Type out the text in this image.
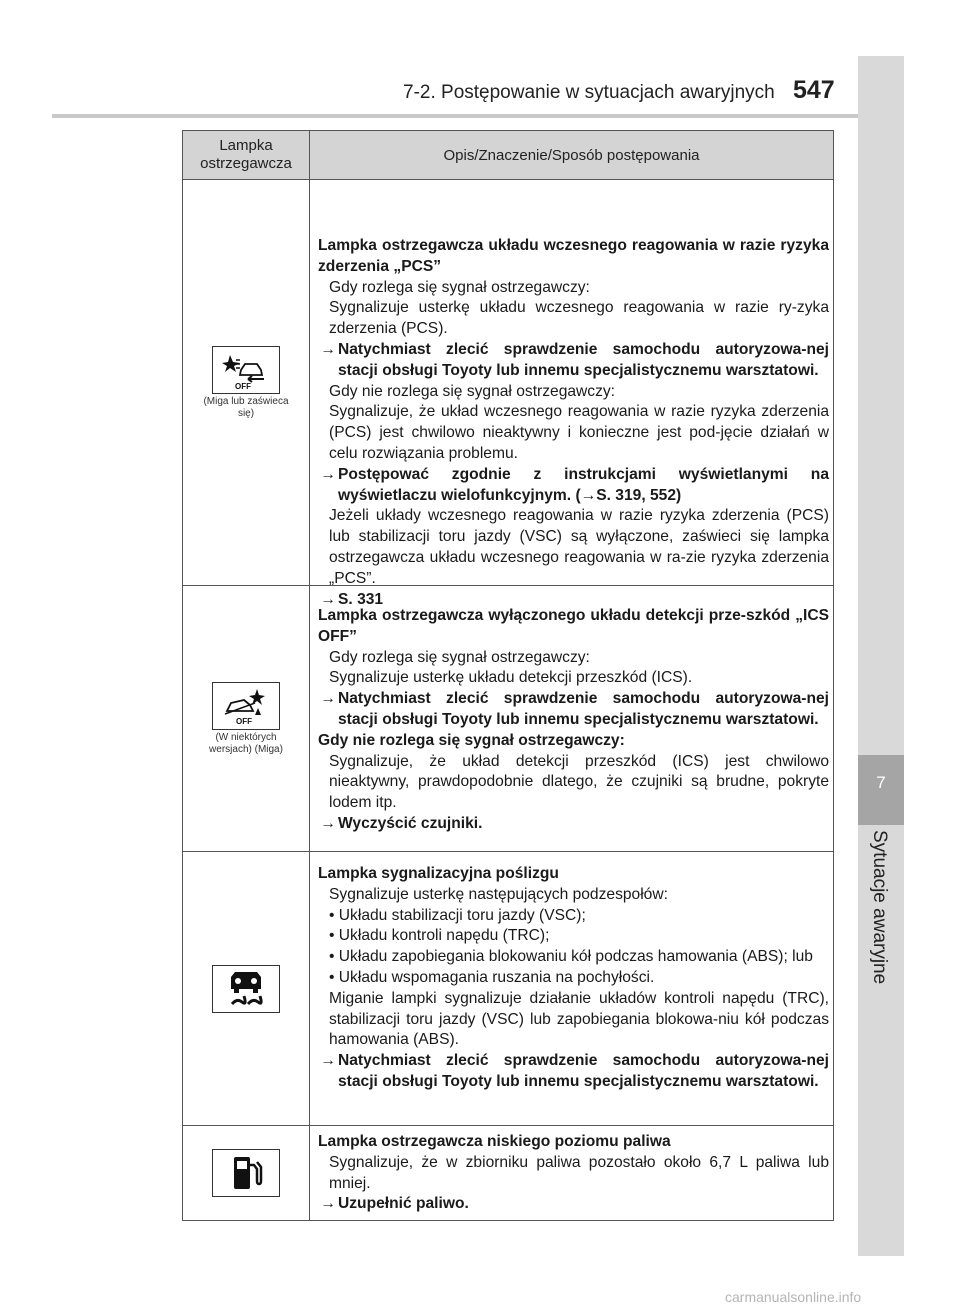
7-2. Postępowanie w sytuacjach awaryjnych 547
7
Sytuacje awaryjne
Lampka ostrzegawcza	Opis/Znaczenie/Sposób postępowania
OFF
(Miga lub zaświeca się)
Lampka ostrzegawcza układu wczesnego reagowania w razie ryzyka zderzenia „PCS”
Gdy rozlega się sygnał ostrzegawczy:
Sygnalizuje usterkę układu wczesnego reagowania w razie ry-zyka zderzenia (PCS).
→ Natychmiast zlecić sprawdzenie samochodu autoryzowa-nej stacji obsługi Toyoty lub innemu specjalistycznemu warsztatowi.
Gdy nie rozlega się sygnał ostrzegawczy:
Sygnalizuje, że układ wczesnego reagowania w razie ryzyka zderzenia (PCS) jest chwilowo nieaktywny i konieczne jest pod-jęcie działań w celu rozwiązania problemu.
→ Postępować zgodnie z instrukcjami wyświetlanymi na wyświetlaczu wielofunkcyjnym. (→S. 319, 552)
Jeżeli układy wczesnego reagowania w razie ryzyka zderzenia (PCS) lub stabilizacji toru jazdy (VSC) są wyłączone, zaświeci się lampka ostrzegawcza układu wczesnego reagowania w ra-zie ryzyka zderzenia „PCS”.
→ S. 331
OFF
(W niektórych wersjach) (Miga)
Lampka ostrzegawcza wyłączonego układu detekcji prze-szkód „ICS OFF”
Gdy rozlega się sygnał ostrzegawczy:
Sygnalizuje usterkę układu detekcji przeszkód (ICS).
→ Natychmiast zlecić sprawdzenie samochodu autoryzowa-nej stacji obsługi Toyoty lub innemu specjalistycznemu warsztatowi.
Gdy nie rozlega się sygnał ostrzegawczy:
Sygnalizuje, że układ detekcji przeszkód (ICS) jest chwilowo nieaktywny, prawdopodobnie dlatego, że czujniki są brudne, pokryte lodem itp.
→ Wyczyścić czujniki.
Lampka sygnalizacyjna poślizgu
Sygnalizuje usterkę następujących podzespołów:
• Układu stabilizacji toru jazdy (VSC);
• Układu kontroli napędu (TRC);
• Układu zapobiegania blokowaniu kół podczas hamowania (ABS); lub
• Układu wspomagania ruszania na pochyłości.
Miganie lampki sygnalizuje działanie układów kontroli napędu (TRC), stabilizacji toru jazdy (VSC) lub zapobiegania blokowa-niu kół podczas hamowania (ABS).
→ Natychmiast zlecić sprawdzenie samochodu autoryzowa-nej stacji obsługi Toyoty lub innemu specjalistycznemu warsztatowi.
Lampka ostrzegawcza niskiego poziomu paliwa
Sygnalizuje, że w zbiorniku paliwa pozostało około 6,7 L paliwa lub mniej.
→ Uzupełnić paliwo.
carmanualsonline.info
